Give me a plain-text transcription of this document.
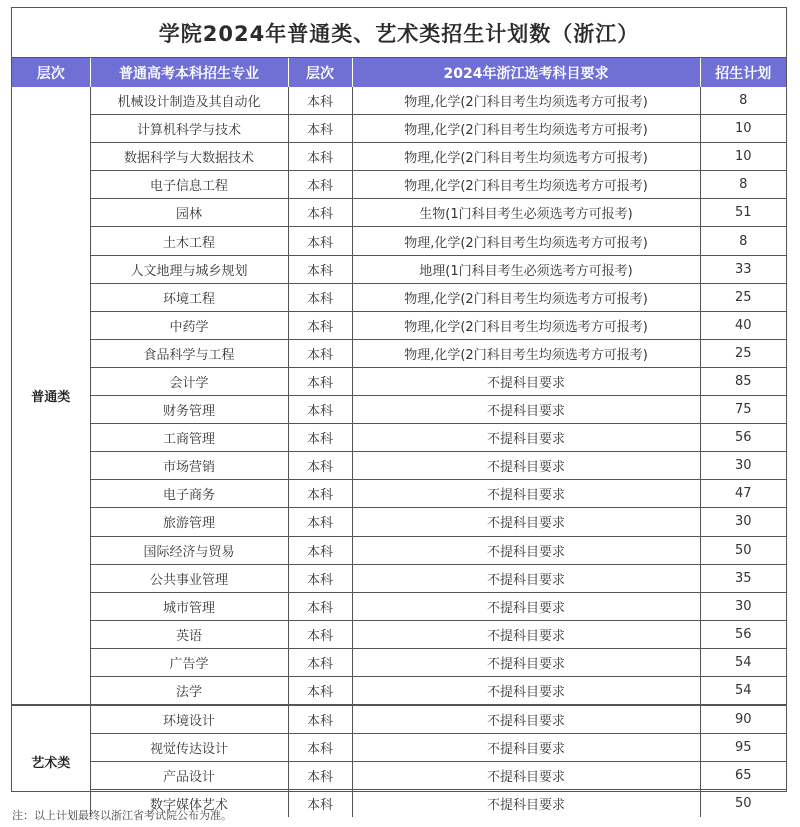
学院2024年普通类、艺术类招生计划数（浙江）
层次	普通高考本科招生专业	层次	2024年浙江选考科目要求	招生计划
普通类	机械设计制造及其自动化	本科	物理,化学(2门科目考生均须选考方可报考)	8
	计算机科学与技术	本科	物理,化学(2门科目考生均须选考方可报考)	10
	数据科学与大数据技术	本科	物理,化学(2门科目考生均须选考方可报考)	10
	电子信息工程	本科	物理,化学(2门科目考生均须选考方可报考)	8
	园林	本科	生物(1门科目考生必须选考方可报考)	51
	土木工程	本科	物理,化学(2门科目考生均须选考方可报考)	8
	人文地理与城乡规划	本科	地理(1门科目考生必须选考方可报考)	33
	环境工程	本科	物理,化学(2门科目考生均须选考方可报考)	25
	中药学	本科	物理,化学(2门科目考生均须选考方可报考)	40
	食品科学与工程	本科	物理,化学(2门科目考生均须选考方可报考)	25
	会计学	本科	不提科目要求	85
	财务管理	本科	不提科目要求	75
	工商管理	本科	不提科目要求	56
	市场营销	本科	不提科目要求	30
	电子商务	本科	不提科目要求	47
	旅游管理	本科	不提科目要求	30
	国际经济与贸易	本科	不提科目要求	50
	公共事业管理	本科	不提科目要求	35
	城市管理	本科	不提科目要求	30
	英语	本科	不提科目要求	56
	广告学	本科	不提科目要求	54
	法学	本科	不提科目要求	54
艺术类	环境设计	本科	不提科目要求	90
	视觉传达设计	本科	不提科目要求	95
	产品设计	本科	不提科目要求	65
	数字媒体艺术	本科	不提科目要求	50
注：以上计划最终以浙江省考试院公布为准。
